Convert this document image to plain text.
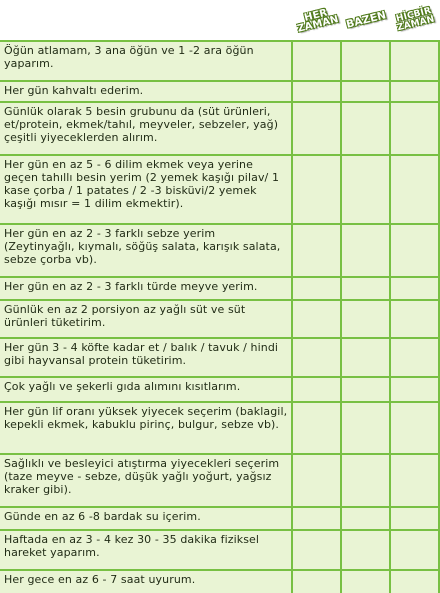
HER
ZAMAN BAZEN HİÇBİR
ZAMAN
Öğün atlamam, 3 ana öğün ve 1 -2 ara öğün yaparım.
Her gün kahvaltı ederim.
Günlük olarak 5 besin grubunu da (süt ürünleri, et/protein, ekmek/tahıl, meyveler, sebzeler, yağ) çeşitli yiyeceklerden alırım.
Her gün en az 5 - 6 dilim ekmek veya yerine geçen tahıllı besin yerim (2 yemek kaşığı pilav/ 1 kase çorba / 1 patates / 2 -3 bisküvi/2 yemek kaşığı mısır = 1 dilim ekmektir).
Her gün en az 2 - 3 farklı sebze yerim (Zeytinyağlı, kıymalı, söğüş salata, karışık salata, sebze çorba vb).
Her gün en az 2 - 3 farklı türde meyve yerim.
Günlük en az 2 porsiyon az yağlı süt ve süt ürünleri tüketirim.
Her gün 3 - 4 köfte kadar et / balık / tavuk / hindi gibi hayvansal protein tüketirim.
Çok yağlı ve şekerli gıda alımını kısıtlarım.
Her gün lif oranı yüksek yiyecek seçerim (baklagil, kepekli ekmek, kabuklu pirinç, bulgur, sebze vb).
Sağlıklı ve besleyici atıştırma yiyecekleri seçerim (taze meyve - sebze, düşük yağlı yoğurt, yağsız kraker gibi).
Günde en az 6 -8 bardak su içerim.
Haftada en az 3 - 4 kez 30 - 35 dakika fiziksel hareket yaparım.
Her gece en az 6 - 7 saat uyurum.
